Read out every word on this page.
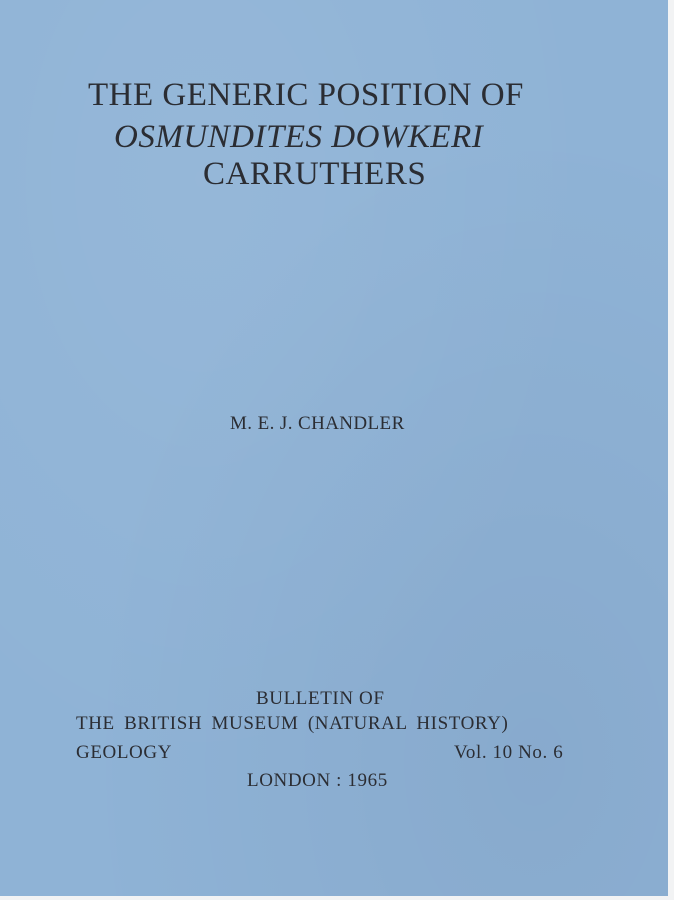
THE GENERIC POSITION OF
OSMUNDITES DOWKERI
CARRUTHERS
M. E. J. CHANDLER
BULLETIN OF
THE BRITISH MUSEUM (NATURAL HISTORY)
GEOLOGY	Vol. 10 No. 6
LONDON : 1965
